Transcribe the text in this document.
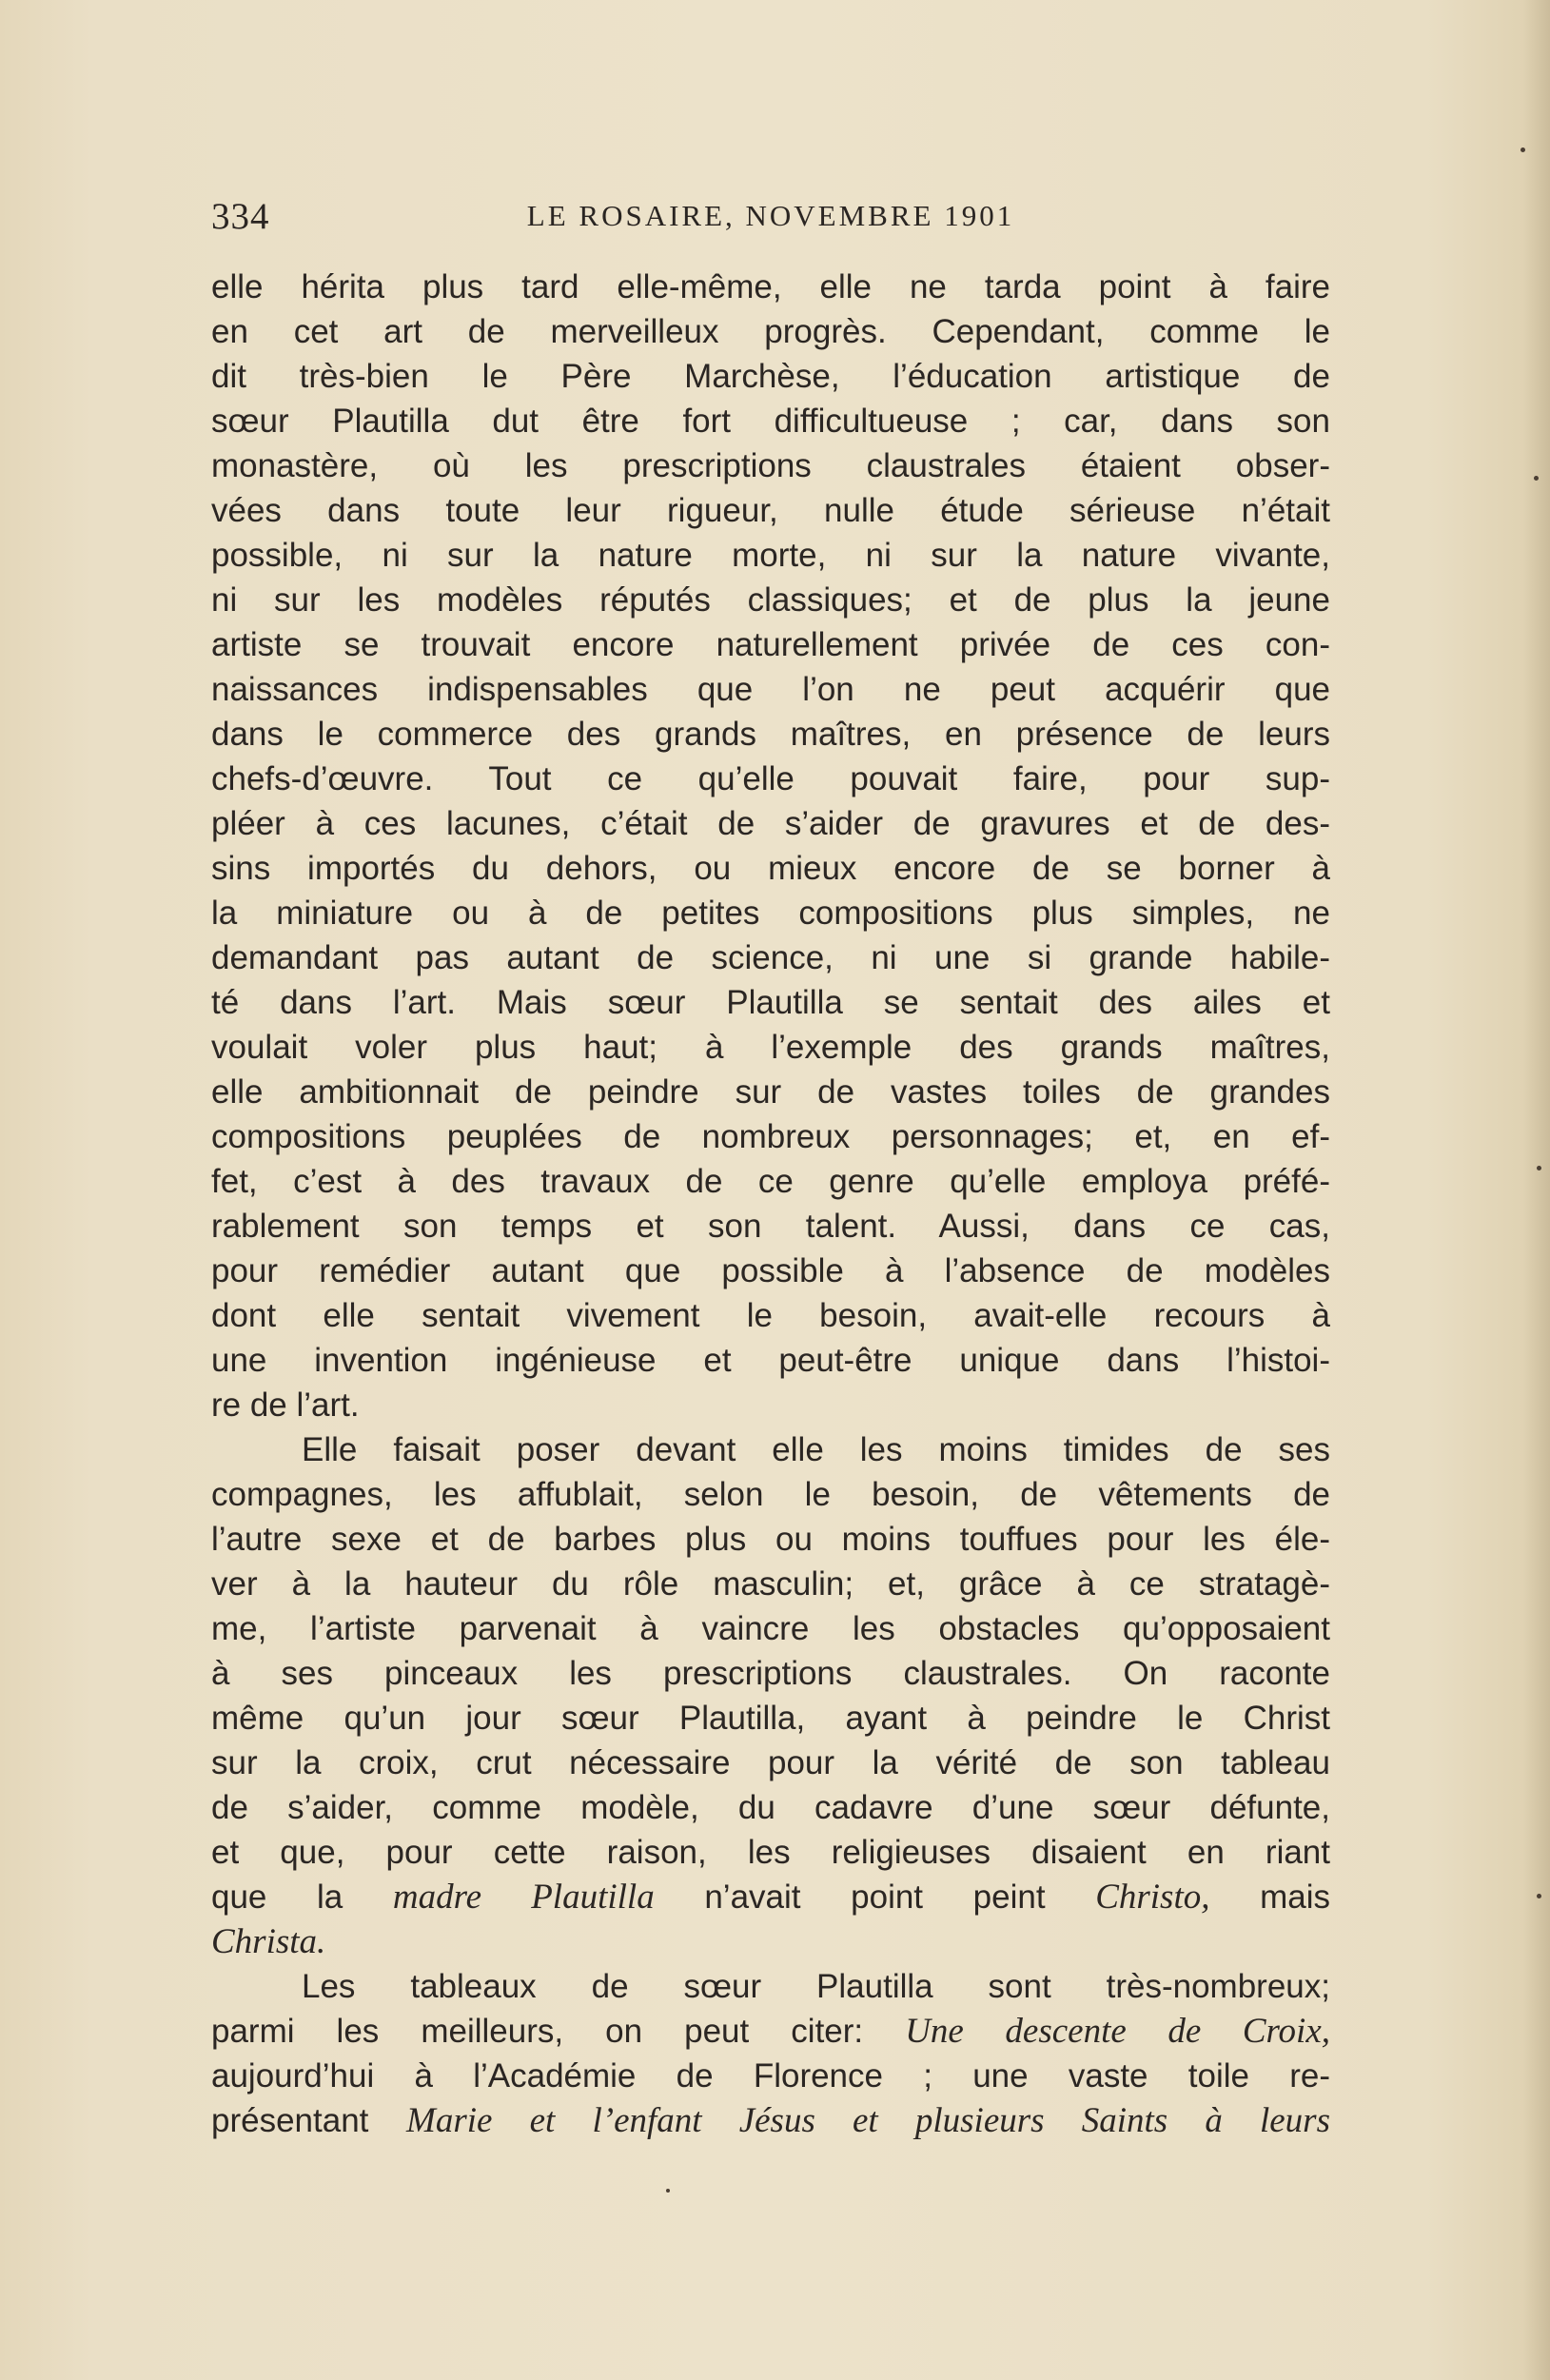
334	LE ROSAIRE, NOVEMBRE 1901
elle hérita plus tard elle-même, elle ne tarda point à faire
en cet art de merveilleux progrès. Cependant, comme le
dit très-bien le Père Marchèse, l’éducation artistique de
sœur Plautilla dut être fort difficultueuse ; car, dans son
monastère, où les prescriptions claustrales étaient obser-
vées dans toute leur rigueur, nulle étude sérieuse n’était
possible, ni sur la nature morte, ni sur la nature vivante,
ni sur les modèles réputés classiques; et de plus la jeune
artiste se trouvait encore naturellement privée de ces con-
naissances indispensables que l’on ne peut acquérir que
dans le commerce des grands maîtres, en présence de leurs
chefs-d’œuvre. Tout ce qu’elle pouvait faire, pour sup-
pléer à ces lacunes, c’était de s’aider de gravures et de des-
sins importés du dehors, ou mieux encore de se borner à
la miniature ou à de petites compositions plus simples, ne
demandant pas autant de science, ni une si grande habile-
té dans l’art. Mais sœur Plautilla se sentait des ailes et
voulait voler plus haut; à l’exemple des grands maîtres,
elle ambitionnait de peindre sur de vastes toiles de grandes
compositions peuplées de nombreux personnages; et, en ef-
fet, c’est à des travaux de ce genre qu’elle employa préfé-
rablement son temps et son talent. Aussi, dans ce cas,
pour remédier autant que possible à l’absence de modèles
dont elle sentait vivement le besoin, avait-elle recours à
une invention ingénieuse et peut-être unique dans l’histoi-
re de l’art.
Elle faisait poser devant elle les moins timides de ses
compagnes, les affublait, selon le besoin, de vêtements de
l’autre sexe et de barbes plus ou moins touffues pour les éle-
ver à la hauteur du rôle masculin; et, grâce à ce stratagè-
me, l’artiste parvenait à vaincre les obstacles qu’opposaient
à ses pinceaux les prescriptions claustrales. On raconte
même qu’un jour sœur Plautilla, ayant à peindre le Christ
sur la croix, crut nécessaire pour la vérité de son tableau
de s’aider, comme modèle, du cadavre d’une sœur défunte,
et que, pour cette raison, les religieuses disaient en riant
que la madre Plautilla n’avait point peint Christo, mais
Christa.
Les tableaux de sœur Plautilla sont très-nombreux;
parmi les meilleurs, on peut citer: Une descente de Croix,
aujourd’hui à l’Académie de Florence ; une vaste toile re-
présentant Marie et l’enfant Jésus et plusieurs Saints à leurs
